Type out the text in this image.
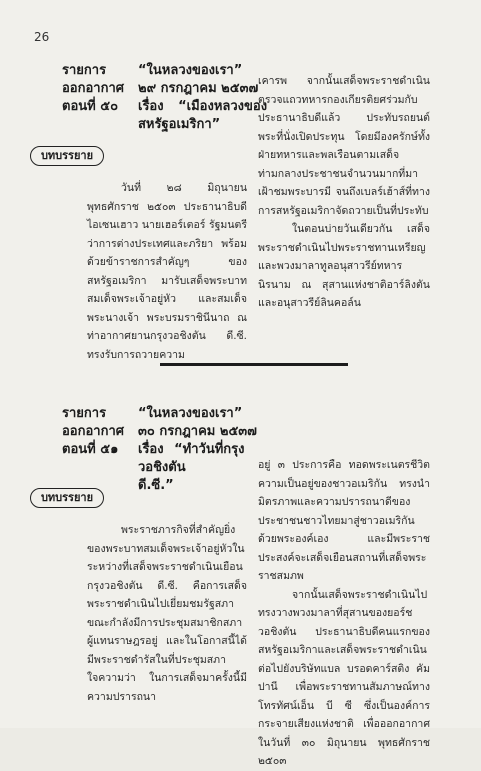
26
รายการ	“ในหลวงของเรา”
ออกอากาศ	๒๙ กรกฎาคม ๒๕๓๗
ตอนที่ ๕๐	เรื่อง “เมืองหลวงของ
สหรัฐอเมริกา”
บทบรรยาย

วันที่ ๒๘ มิถุนายน พุทธศักราช ๒๕๐๓ ประธานาธิบดีไอเซนเฮาว นายเฮอร์เตอร์ รัฐมนตรีว่าการต่างประเทศและภริยา พร้อมด้วยข้าราชการสำคัญๆ ของสหรัฐอเมริกา มารับเสด็จพระบาทสมเด็จพระเจ้าอยู่หัว และสมเด็จพระนางเจ้า พระบรมราชินีนาถ ณ ท่าอากาศยานกรุงวอชิงตัน ดี.ซี. ทรงรับการถวายความ

เคารพ จากนั้นเสด็จพระราชดำเนินตรวจแถวทหารกองเกียรติยศร่วมกับประธานาธิบดีแล้ว ประทับรถยนต์พระที่นั่งเปิดประทุน โดยมีองครักษ์ทั้งฝ่ายทหารและพลเรือนตามเสด็จ ท่ามกลางประชาชนจำนวนมากที่มาเฝ้าชมพระบารมี จนถึงเบลร์เฮ้าส์ที่ทางการสหรัฐอเมริกาจัดถวายเป็นที่ประทับ

ในตอนบ่ายวันเดียวกัน เสด็จพระราชดำเนินไปพระราชทานเหรียญและพวงมาลาทูลอนุสาวรีย์ทหารนิรนาม ณ สุสานแห่งชาติอาร์ลิงตัน และอนุสาวรีย์ลินคอล์น

รายการ	“ในหลวงของเรา”
ออกอากาศ	๓๐ กรกฎาคม ๒๕๓๗
ตอนที่ ๕๑	เรื่อง “ทำวันที่กรุงวอชิงตัน
ดี.ซี.”
บทบรรยาย

พระราชภารกิจที่สำคัญยิ่งของพระบาทสมเด็จพระเจ้าอยู่หัวในระหว่างที่เสด็จพระราชดำเนินเยือนกรุงวอชิงตัน ดี.ซี. คือการเสด็จพระราชดำเนินไปเยี่ยมชมรัฐสภา ขณะกำลังมีการประชุมสมาชิกสภาผู้แทนราษฎรอยู่ และในโอกาสนี้ได้มีพระราชดำรัสในที่ประชุมสภาใจความว่า ในการเสด็จมาครั้งนี้มีความปรารถนา

อยู่ ๓ ประการคือ ทอดพระเนตรชีวิตความเป็นอยู่ของชาวอเมริกัน ทรงนำมิตรภาพและความปรารถนาดีของประชาชนชาวไทยมาสู่ชาวอเมริกันด้วยพระองค์เอง และมีพระราชประสงค์จะเสด็จเยือนสถานที่เสด็จพระราชสมภพ

จากนั้นเสด็จพระราชดำเนินไปทรงวางพวงมาลาที่สุสานของยอร์ช วอชิงตัน ประธานาธิบดีคนแรกของสหรัฐอเมริกาและเสด็จพระราชดำเนินต่อไปยังบริษัทแบล บรอดคาร์สติง คัมปานี เพื่อพระราชทานสัมภาษณ์ทางโทรทัศน์เอ็น บี ซี ซึ่งเป็นองค์การกระจายเสียงแห่งชาติ เพื่อออกอากาศในวันที่ ๓๐ มิถุนายน พุทธศักราช ๒๕๐๓
